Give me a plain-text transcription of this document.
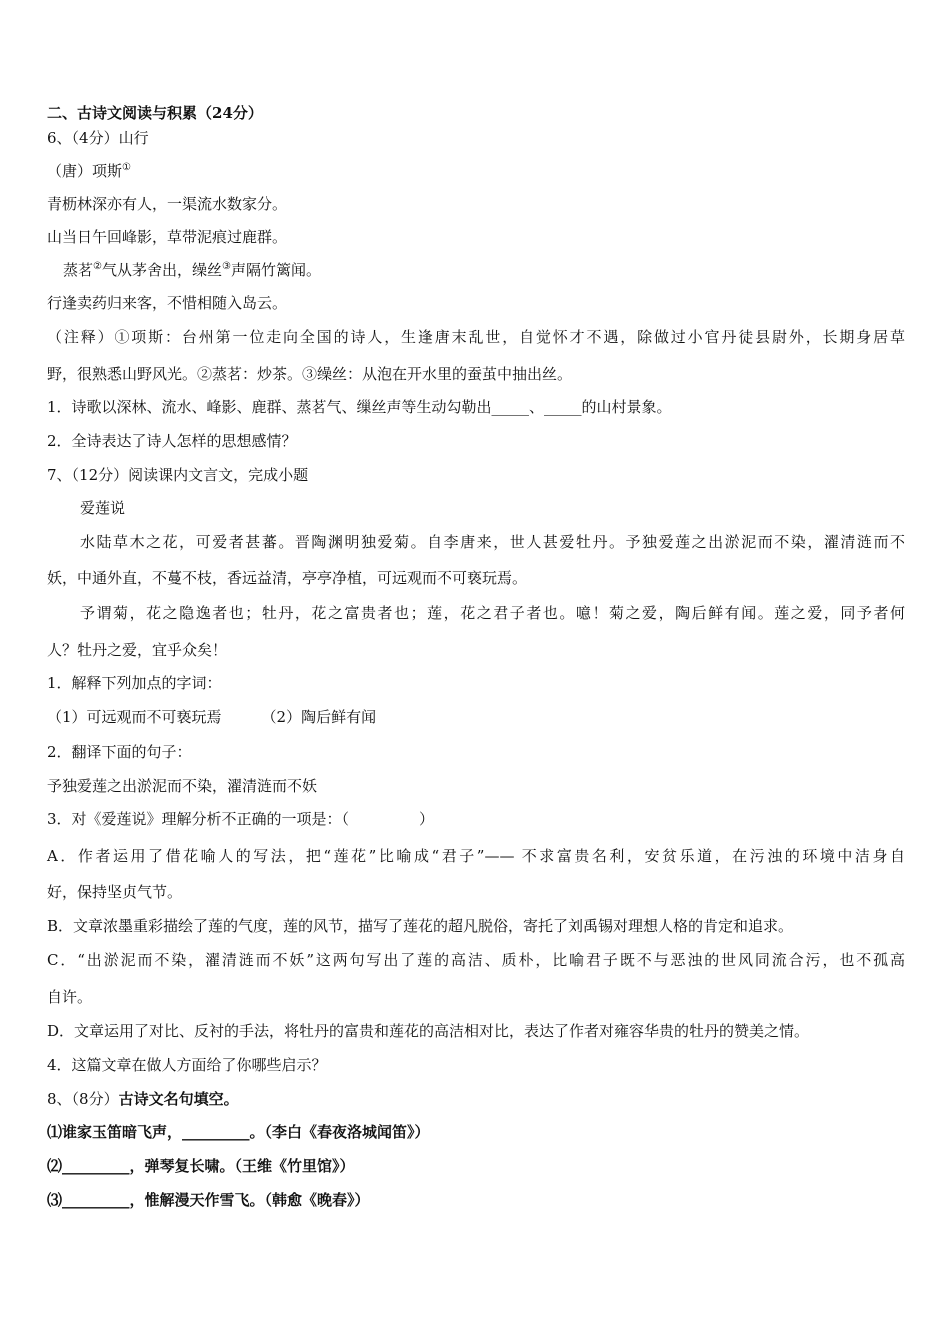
二、古诗文阅读与积累（24分）
6、（4分）山行
（唐）项斯①
青枥林深亦有人，一渠流水数家分。
山当日午回峰影，草带泥痕过鹿群。
蒸茗②气从茅舍出，缲丝③声隔竹篱闻。
行逢卖药归来客，不惜相随入岛云。
（注释）①项斯：台州第一位走向全国的诗人，生逢唐末乱世，自觉怀才不遇，除做过小官丹徒县尉外，长期身居草
野，很熟悉山野风光。②蒸茗：炒茶。③缲丝：从泡在开水里的蚕茧中抽出丝。
1．诗歌以深林、流水、峰影、鹿群、蒸茗气、缫丝声等生动勾勒出_____、_____的山村景象。
2．全诗表达了诗人怎样的思想感情？
7、（12分）阅读课内文言文，完成小题
爱莲说
水陆草木之花，可爱者甚蕃。晋陶渊明独爱菊。自李唐来，世人甚爱牡丹。予独爱莲之出淤泥而不染，濯清涟而不
妖，中通外直，不蔓不枝，香远益清，亭亭净植，可远观而不可亵玩焉。
予谓菊，花之隐逸者也；牡丹，花之富贵者也；莲，花之君子者也。噫！菊之爱，陶后鲜有闻。莲之爱，同予者何
人？牡丹之爱，宜乎众矣！
1．解释下列加点的字词：
（1）可远观而不可亵玩焉	（2）陶后鲜有闻
2．翻译下面的句子：
予独爱莲之出淤泥而不染，濯清涟而不妖
3．对《爱莲说》理解分析不正确的一项是：（	）
A．作者运用了借花喻人的写法，把“莲花”比喻成“君子”—— 不求富贵名利，安贫乐道，在污浊的环境中洁身自
好，保持坚贞气节。
B．文章浓墨重彩描绘了莲的气度，莲的风节，描写了莲花的超凡脱俗，寄托了刘禹锡对理想人格的肯定和追求。
C．“出淤泥而不染，濯清涟而不妖”这两句写出了莲的高洁、质朴，比喻君子既不与恶浊的世风同流合污，也不孤高
自许。
D．文章运用了对比、反衬的手法，将牡丹的富贵和莲花的高洁相对比，表达了作者对雍容华贵的牡丹的赞美之情。
4．这篇文章在做人方面给了你哪些启示？
8、（8分）古诗文名句填空。
⑴谁家玉笛暗飞声，_________。（李白《春夜洛城闻笛》）
⑵_________，弹琴复长啸。（王维《竹里馆》）
⑶_________，惟解漫天作雪飞。（韩愈《晚春》）
